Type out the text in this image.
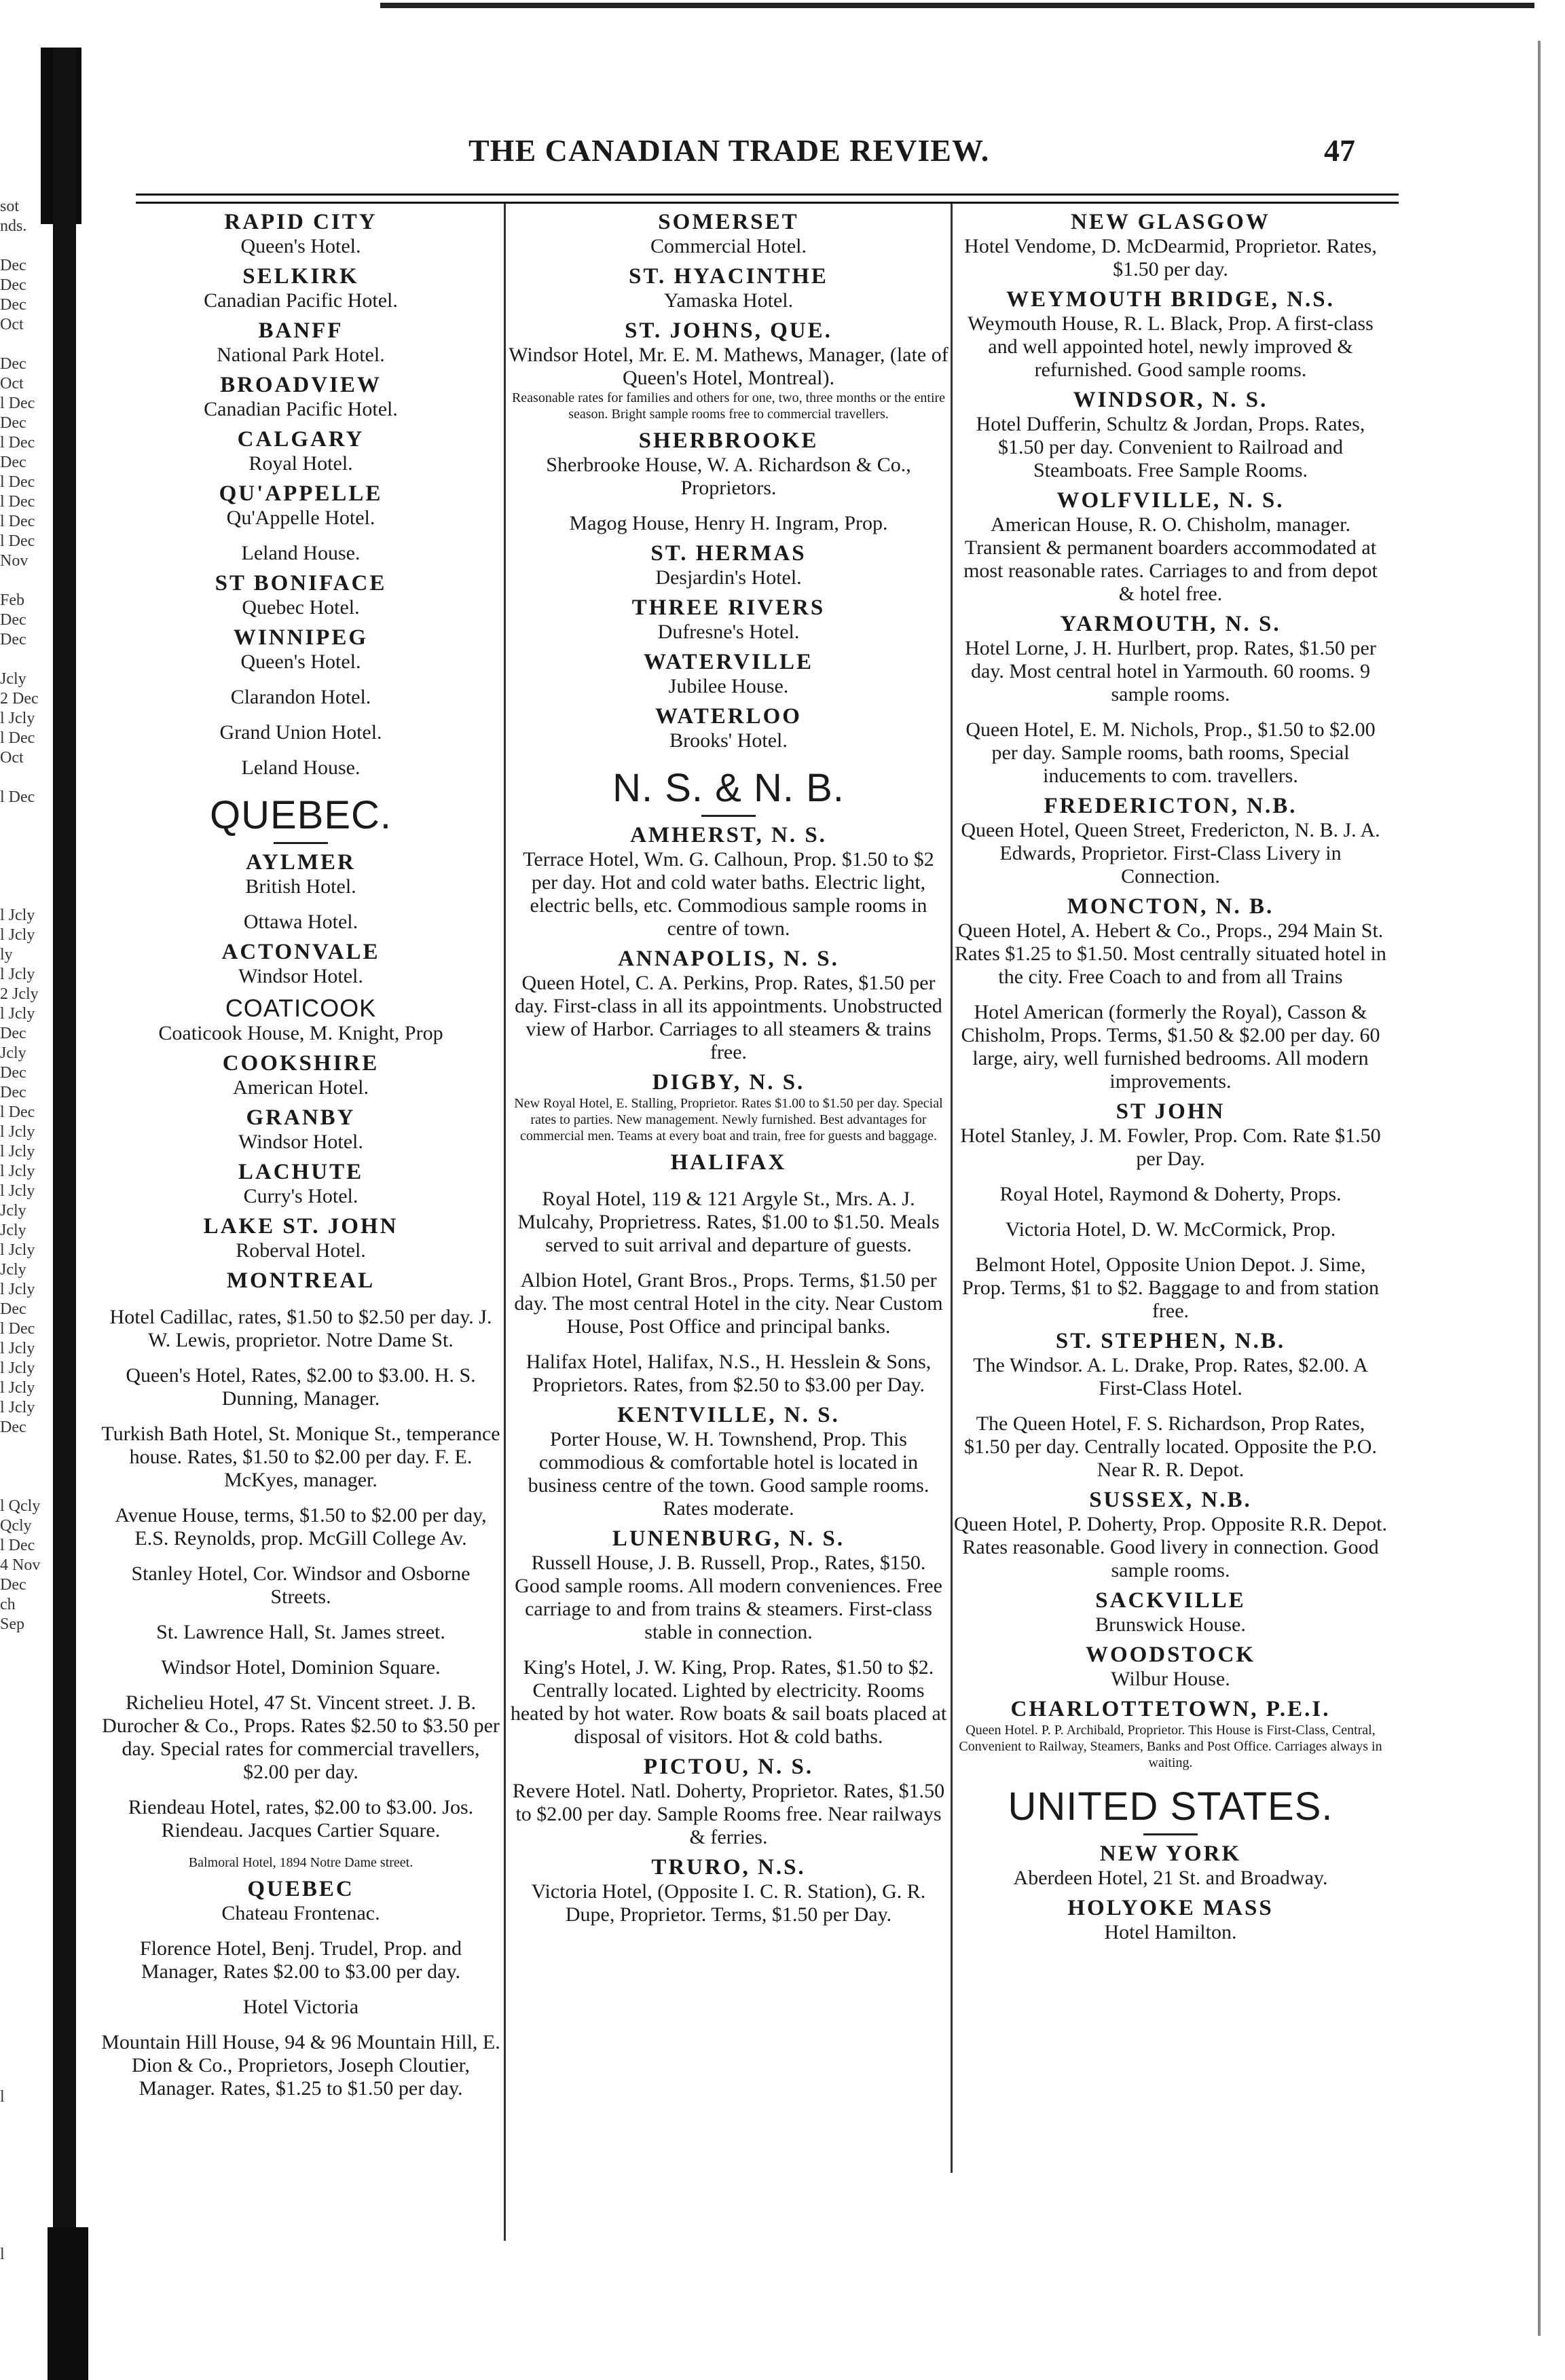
sot
nds.

Dec
Dec
Dec
Oct

Dec
Oct
l Dec
Dec
l Dec
Dec
l Dec
l Dec
l Dec
l Dec
Nov

Feb
Dec
Dec

Jcly
2 Dec
l Jcly
l Dec
Oct

l Dec

l Jcly
l Jcly
ly
l Jcly
2 Jcly
l Jcly
Dec
Jcly
Dec
Dec
l Dec
l Jcly
l Jcly
l Jcly
l Jcly
Jcly
Jcly
l Jcly
Jcly
l Jcly
Dec
l Dec
l Jcly
l Jcly
l Jcly
l Jcly
Dec

l Qcly
Qcly
l Dec
4 Nov
Dec
ch
Sep

l

l
THE CANADIAN TRADE REVIEW.	47
RAPID CITY
Queen's Hotel.
SELKIRK
Canadian Pacific Hotel.
BANFF
National Park Hotel.
BROADVIEW
Canadian Pacific Hotel.
CALGARY
Royal Hotel.
QU'APPELLE
Qu'Appelle Hotel.
Leland House.
ST BONIFACE
Quebec Hotel.
WINNIPEG
Queen's Hotel.
Clarandon Hotel.
Grand Union Hotel.
Leland House.
QUEBEC.
AYLMER
British Hotel.
Ottawa Hotel.
ACTONVALE
Windsor Hotel.
COATICOOK
Coaticook House, M. Knight, Prop
COOKSHIRE
American Hotel.
GRANBY
Windsor Hotel.
LACHUTE
Curry's Hotel.
LAKE ST. JOHN
Roberval Hotel.
MONTREAL
Hotel Cadillac, rates, $1.50 to $2.50 per day. J. W. Lewis, proprietor. Notre Dame St.
Queen's Hotel, Rates, $2.00 to $3.00. H. S. Dunning, Manager.
Turkish Bath Hotel, St. Monique St., temperance house. Rates, $1.50 to $2.00 per day. F. E. McKyes, manager.
Avenue House, terms, $1.50 to $2.00 per day, E.S. Reynolds, prop. McGill College Av.
Stanley Hotel, Cor. Windsor and Osborne Streets.
St. Lawrence Hall, St. James street.
Windsor Hotel, Dominion Square.
Richelieu Hotel, 47 St. Vincent street. J. B. Durocher & Co., Props. Rates $2.50 to $3.50 per day. Special rates for commercial travellers, $2.00 per day.
Riendeau Hotel, rates, $2.00 to $3.00. Jos. Riendeau. Jacques Cartier Square.
Balmoral Hotel, 1894 Notre Dame street.
QUEBEC
Chateau Frontenac.
Florence Hotel, Benj. Trudel, Prop. and Manager, Rates $2.00 to $3.00 per day.
Hotel Victoria
Mountain Hill House, 94 & 96 Mountain Hill, E. Dion & Co., Proprietors, Joseph Cloutier, Manager. Rates, $1.25 to $1.50 per day.
SOMERSET
Commercial Hotel.
ST. HYACINTHE
Yamaska Hotel.
ST. JOHNS, QUE.
Windsor Hotel, Mr. E. M. Mathews, Manager, (late of Queen's Hotel, Montreal).
Reasonable rates for families and others for one, two, three months or the entire season. Bright sample rooms free to commercial travellers.
SHERBROOKE
Sherbrooke House, W. A. Richardson & Co., Proprietors.
Magog House, Henry H. Ingram, Prop.
ST. HERMAS
Desjardin's Hotel.
THREE RIVERS
Dufresne's Hotel.
WATERVILLE
Jubilee House.
WATERLOO
Brooks' Hotel.
N. S. & N. B.
AMHERST, N. S.
Terrace Hotel, Wm. G. Calhoun, Prop. $1.50 to $2 per day. Hot and cold water baths. Electric light, electric bells, etc. Commodious sample rooms in centre of town.
ANNAPOLIS, N. S.
Queen Hotel, C. A. Perkins, Prop. Rates, $1.50 per day. First-class in all its appointments. Unobstructed view of Harbor. Carriages to all steamers & trains free.
DIGBY, N. S.
New Royal Hotel, E. Stalling, Proprietor. Rates $1.00 to $1.50 per day. Special rates to parties. New management. Newly furnished. Best advantages for commercial men. Teams at every boat and train, free for guests and baggage.
HALIFAX
Royal Hotel, 119 & 121 Argyle St., Mrs. A. J. Mulcahy, Proprietress. Rates, $1.00 to $1.50. Meals served to suit arrival and departure of guests.
Albion Hotel, Grant Bros., Props. Terms, $1.50 per day. The most central Hotel in the city. Near Custom House, Post Office and principal banks.
Halifax Hotel, Halifax, N.S., H. Hesslein & Sons, Proprietors. Rates, from $2.50 to $3.00 per Day.
KENTVILLE, N. S.
Porter House, W. H. Townshend, Prop. This commodious & comfortable hotel is located in business centre of the town. Good sample rooms. Rates moderate.
LUNENBURG, N. S.
Russell House, J. B. Russell, Prop., Rates, $150. Good sample rooms. All modern conveniences. Free carriage to and from trains & steamers. First-class stable in connection.
King's Hotel, J. W. King, Prop. Rates, $1.50 to $2. Centrally located. Lighted by electricity. Rooms heated by hot water. Row boats & sail boats placed at disposal of visitors. Hot & cold baths.
PICTOU, N. S.
Revere Hotel. Natl. Doherty, Proprietor. Rates, $1.50 to $2.00 per day. Sample Rooms free. Near railways & ferries.
TRURO, N.S.
Victoria Hotel, (Opposite I. C. R. Station), G. R. Dupe, Proprietor. Terms, $1.50 per Day.
NEW GLASGOW
Hotel Vendome, D. McDearmid, Proprietor. Rates, $1.50 per day.
WEYMOUTH BRIDGE, N.S.
Weymouth House, R. L. Black, Prop. A first-class and well appointed hotel, newly improved & refurnished. Good sample rooms.
WINDSOR, N. S.
Hotel Dufferin, Schultz & Jordan, Props. Rates, $1.50 per day. Convenient to Railroad and Steamboats. Free Sample Rooms.
WOLFVILLE, N. S.
American House, R. O. Chisholm, manager. Transient & permanent boarders accommodated at most reasonable rates. Carriages to and from depot & hotel free.
YARMOUTH, N. S.
Hotel Lorne, J. H. Hurlbert, prop. Rates, $1.50 per day. Most central hotel in Yarmouth. 60 rooms. 9 sample rooms.
Queen Hotel, E. M. Nichols, Prop., $1.50 to $2.00 per day. Sample rooms, bath rooms, Special inducements to com. travellers.
FREDERICTON, N.B.
Queen Hotel, Queen Street, Fredericton, N. B. J. A. Edwards, Proprietor. First-Class Livery in Connection.
MONCTON, N. B.
Queen Hotel, A. Hebert & Co., Props., 294 Main St. Rates $1.25 to $1.50. Most centrally situated hotel in the city. Free Coach to and from all Trains
Hotel American (formerly the Royal), Casson & Chisholm, Props. Terms, $1.50 & $2.00 per day. 60 large, airy, well furnished bedrooms. All modern improvements.
ST JOHN
Hotel Stanley, J. M. Fowler, Prop. Com. Rate $1.50 per Day.
Royal Hotel, Raymond & Doherty, Props.
Victoria Hotel, D. W. McCormick, Prop.
Belmont Hotel, Opposite Union Depot. J. Sime, Prop. Terms, $1 to $2. Baggage to and from station free.
ST. STEPHEN, N.B.
The Windsor. A. L. Drake, Prop. Rates, $2.00. A First-Class Hotel.
The Queen Hotel, F. S. Richardson, Prop Rates, $1.50 per day. Centrally located. Opposite the P.O. Near R. R. Depot.
SUSSEX, N.B.
Queen Hotel, P. Doherty, Prop. Opposite R.R. Depot. Rates reasonable. Good livery in connection. Good sample rooms.
SACKVILLE
Brunswick House.
WOODSTOCK
Wilbur House.
CHARLOTTETOWN, P.E.I.
Queen Hotel. P. P. Archibald, Proprietor. This House is First-Class, Central, Convenient to Railway, Steamers, Banks and Post Office. Carriages always in waiting.
UNITED STATES.
NEW YORK
Aberdeen Hotel, 21 St. and Broadway.
HOLYOKE MASS
Hotel Hamilton.
